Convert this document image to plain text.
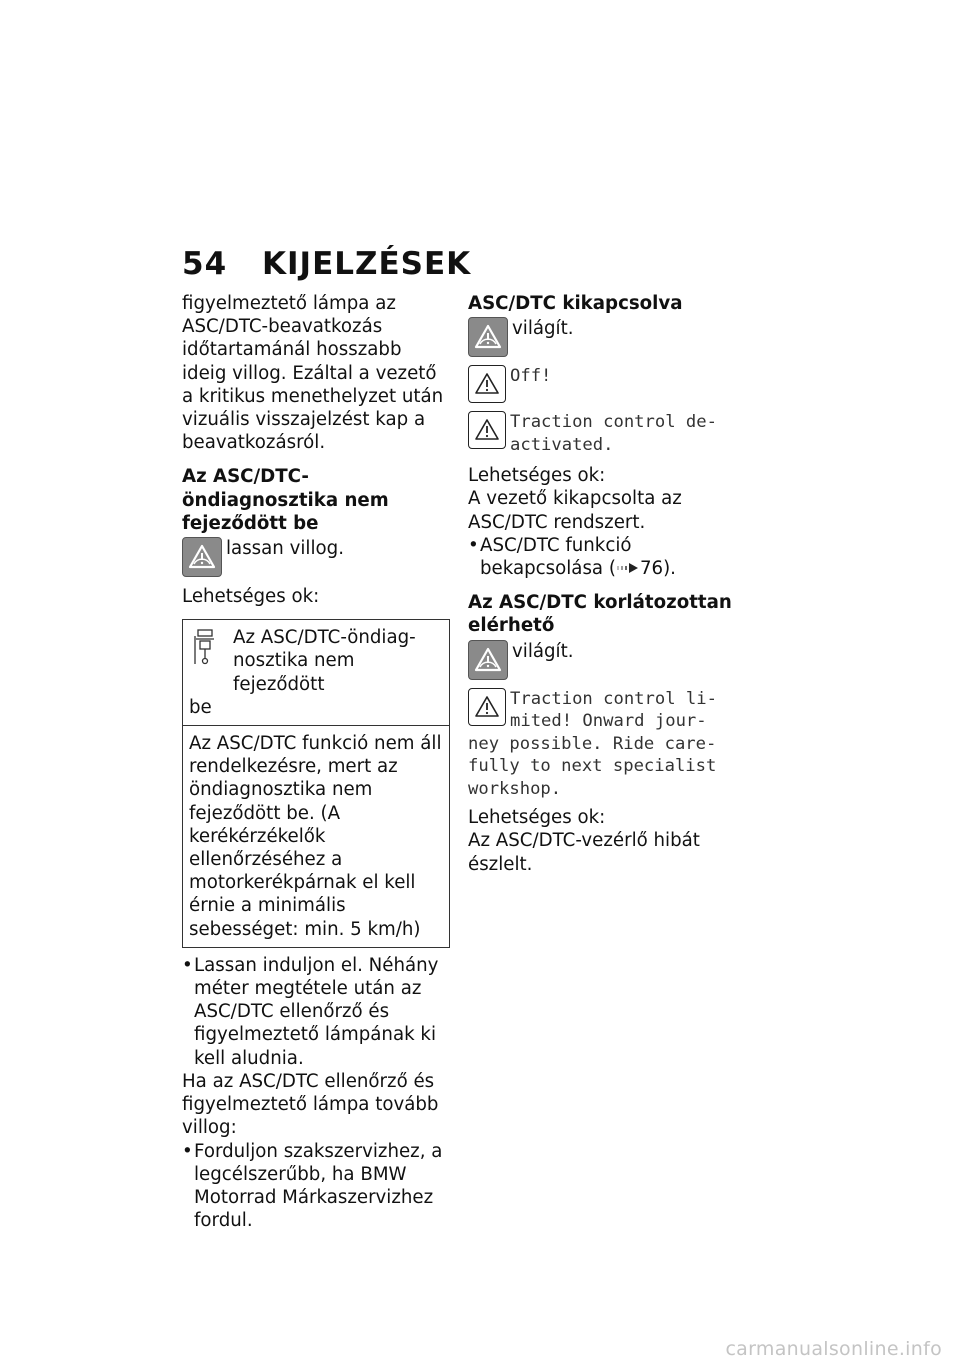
54 KIJELZÉSEK

figyelmeztető lámpa az ASC/DTC-beavatkozás időtartamánál hosszabb ideig villog. Ezáltal a vezető a kritikus menethelyzet után vizuális visszajelzést kap a beavatkozásról.

Az ASC/DTC-öndiagnosztika nem fejeződött be

lassan villog.

Lehetséges ok:

Az ASC/DTC-öndiag-
nosztika nem fejeződött
be
Az ASC/DTC funkció nem áll rendelkezésre, mert az öndiagnosztika nem fejeződött be. (A kerékérzékelők ellenőrzéséhez a motorkerékpárnak el kell érnie a minimális sebességet: min. 5 km/h)

• Lassan induljon el. Néhány méter megtétele után az ASC/DTC ellenőrző és figyelmeztető lámpának ki kell aludnia.

Ha az ASC/DTC ellenőrző és figyelmeztető lámpa tovább villog:

• Forduljon szakszervizhez, a legcélszerűbb, ha BMW Motorrad Márkaszervizhez fordul.

ASC/DTC kikapcsolva

világít.
Off!
Traction control de-
activated.

Lehetséges ok:

A vezető kikapcsolta az ASC/DTC rendszert.

• ASC/DTC funkció bekapcsolása ( 76).

Az ASC/DTC korlátozottan elérhető

világít.
Traction control li-
mited! Onward jour-
ney possible. Ride care-
fully to next specialist
workshop.

Lehetséges ok:

Az ASC/DTC-vezérlő hibát észlelt.

carmanualsonline.info
